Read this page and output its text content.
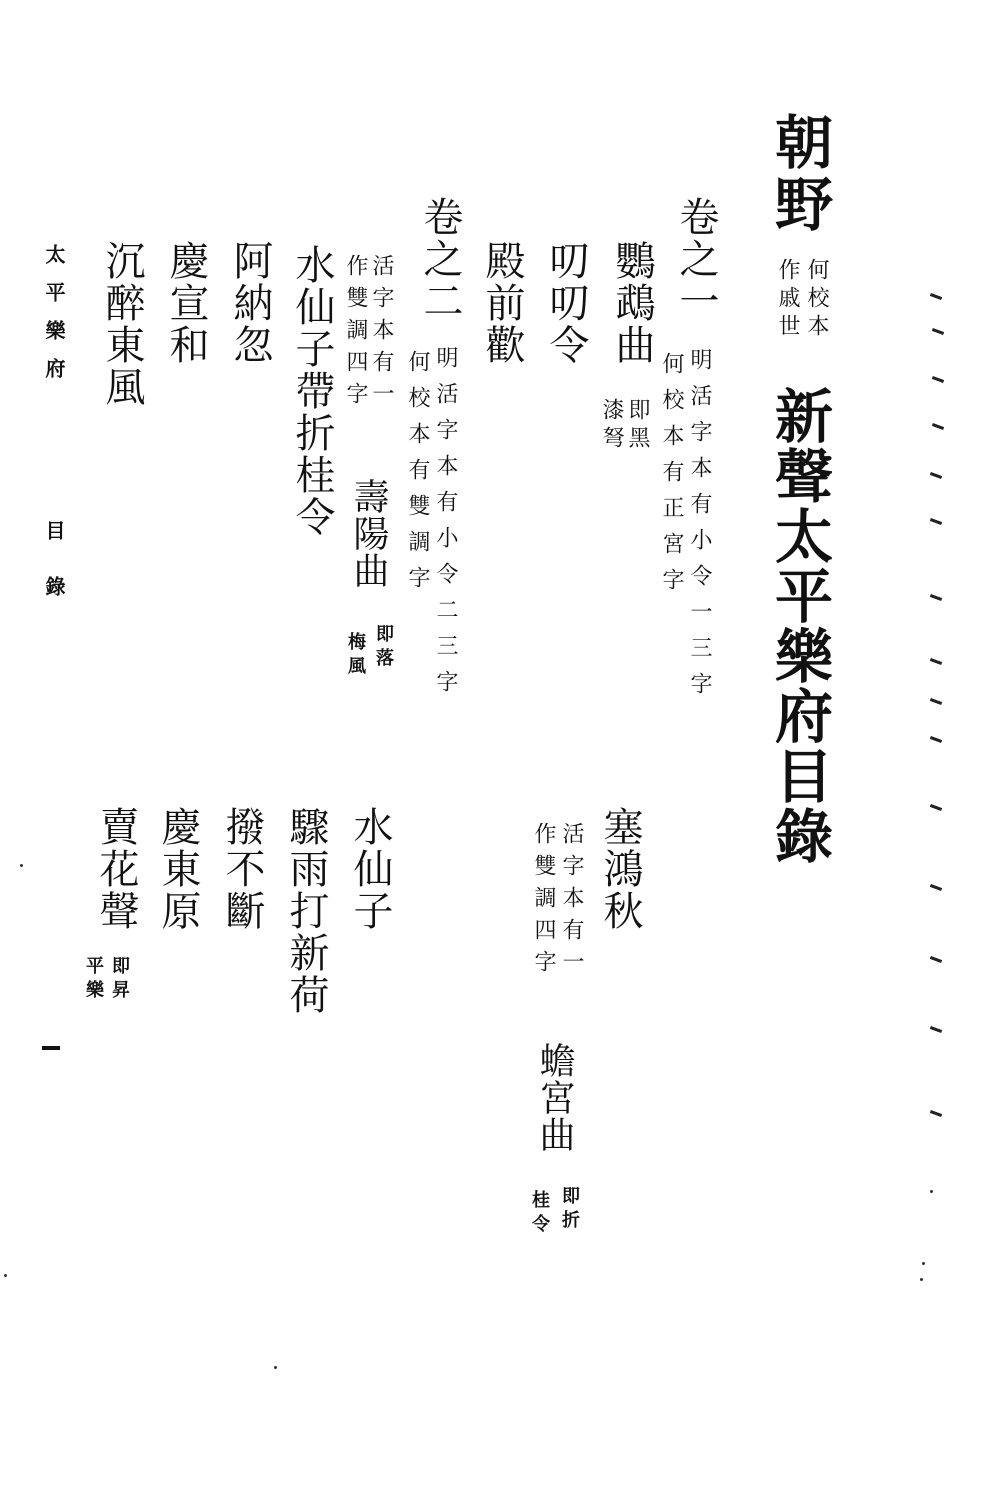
朝野
何校本
作戚世
新聲太平樂府目錄
卷之一
明活字本有小令一三字
何校本有正宮字
鸚鵡曲
即黑
漆弩
叨叨令
殿前歡
卷之二
明活字本有小令二三字
何校本有雙調字
水仙子帶折桂令 活字本有一
作雙調四字
壽陽曲
即落
梅風
阿納忽
慶宣和
沉醉東風
塞鴻秋
活字本有一
作雙調四字
蟾宮曲
即折
桂令
水仙子
驟雨打新荷
撥不斷
慶東原
賣花聲
即昇
平樂
太平樂府
目錄
